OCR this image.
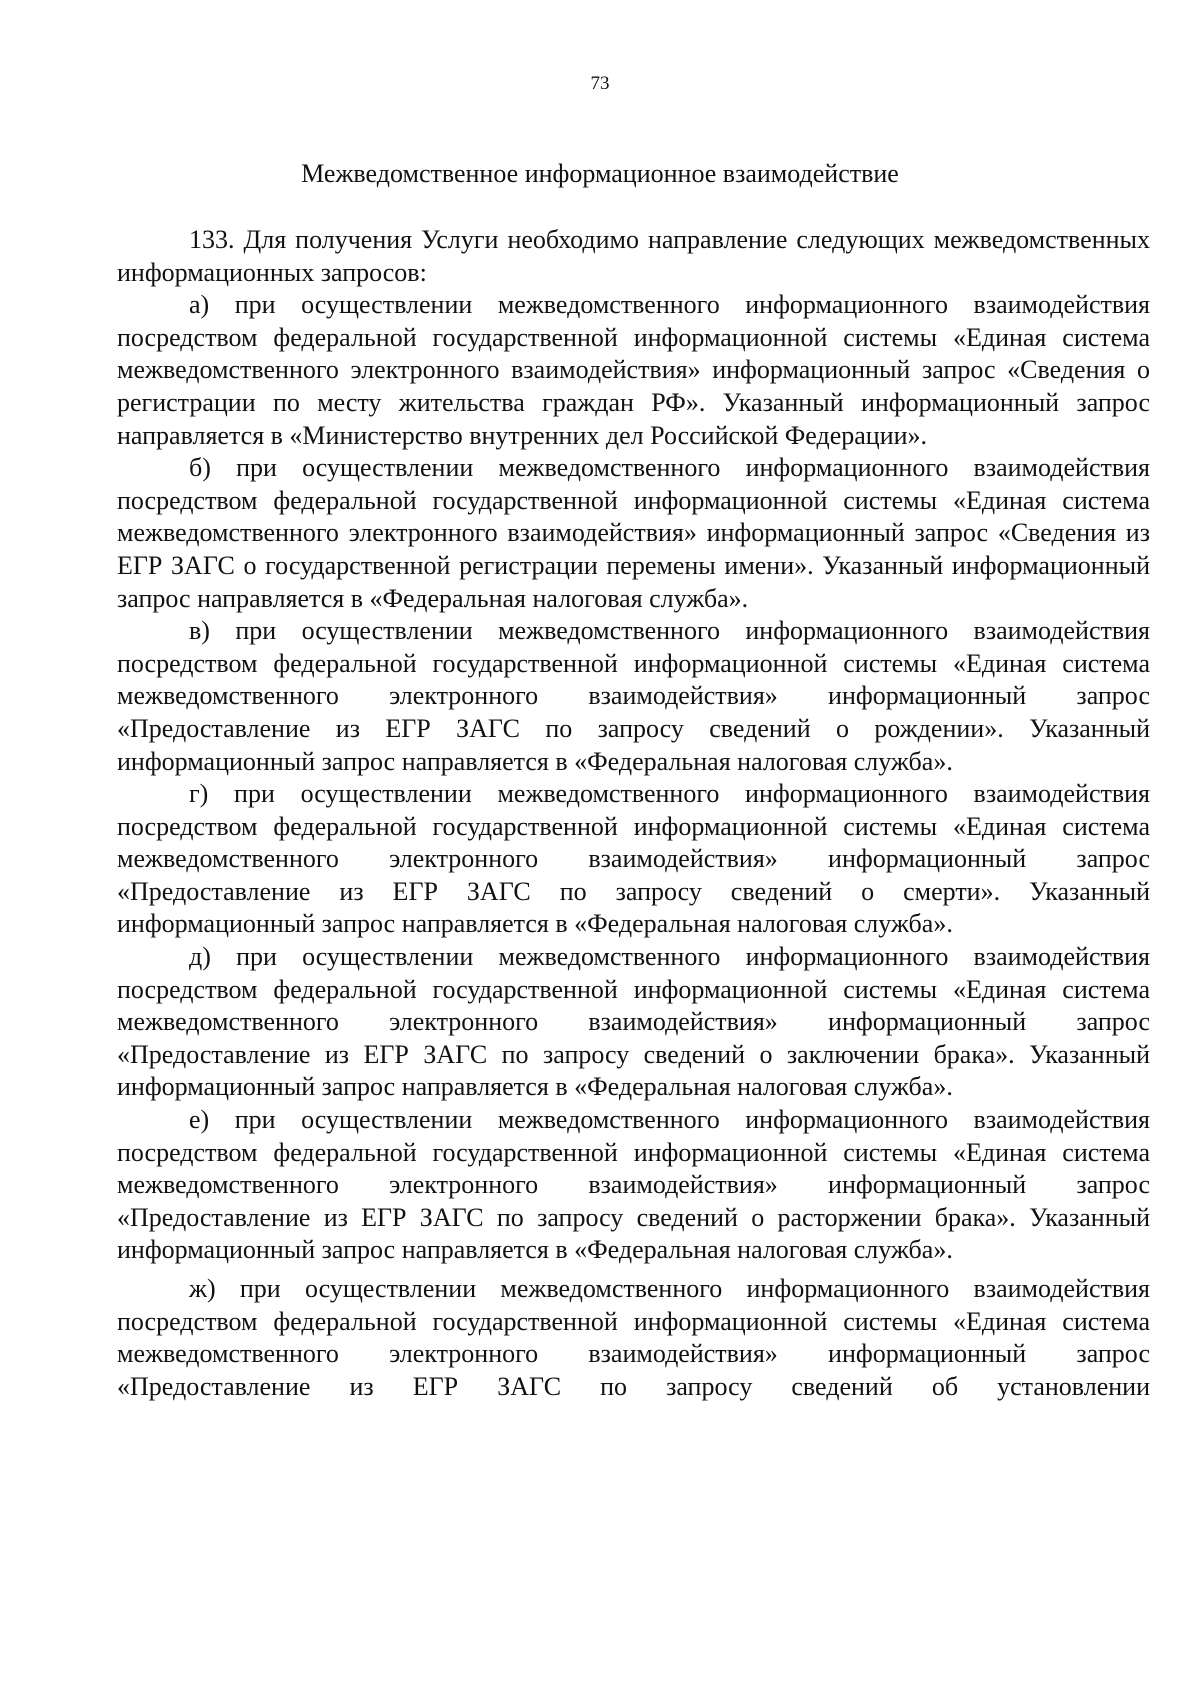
73
Межведомственное информационное взаимодействие

133. Для получения Услуги необходимо направление следующих межведомственных информационных запросов:

а) при осуществлении межведомственного информационного взаимодействия посредством федеральной государственной информационной системы «Единая система межведомственного электронного взаимодействия» информационный запрос «Сведения о регистрации по месту жительства граждан РФ». Указанный информационный запрос направляется в «Министерство внутренних дел Российской Федерации».

б) при осуществлении межведомственного информационного взаимодействия посредством федеральной государственной информационной системы «Единая система межведомственного электронного взаимодействия» информационный запрос «Сведения из ЕГР ЗАГС о государственной регистрации перемены имени». Указанный информационный запрос направляется в «Федеральная налоговая служба».

в) при осуществлении межведомственного информационного взаимодействия посредством федеральной государственной информационной системы «Единая система межведомственного электронного взаимодействия» информационный запрос «Предоставление из ЕГР ЗАГС по запросу сведений о рождении». Указанный информационный запрос направляется в «Федеральная налоговая служба».

г) при осуществлении межведомственного информационного взаимодействия посредством федеральной государственной информационной системы «Единая система межведомственного электронного взаимодействия» информационный запрос «Предоставление из ЕГР ЗАГС по запросу сведений о смерти». Указанный информационный запрос направляется в «Федеральная налоговая служба».

д) при осуществлении межведомственного информационного взаимодействия посредством федеральной государственной информационной системы «Единая система межведомственного электронного взаимодействия» информационный запрос «Предоставление из ЕГР ЗАГС по запросу сведений о заключении брака». Указанный информационный запрос направляется в «Федеральная налоговая служба».

е) при осуществлении межведомственного информационного взаимодействия посредством федеральной государственной информационной системы «Единая система межведомственного электронного взаимодействия» информационный запрос «Предоставление из ЕГР ЗАГС по запросу сведений о расторжении брака». Указанный информационный запрос направляется в «Федеральная налоговая служба».

ж) при осуществлении межведомственного информационного взаимодействия посредством федеральной государственной информационной системы «Единая система межведомственного электронного взаимодействия» информационный запрос «Предоставление из ЕГР ЗАГС по запросу сведений об установлении
